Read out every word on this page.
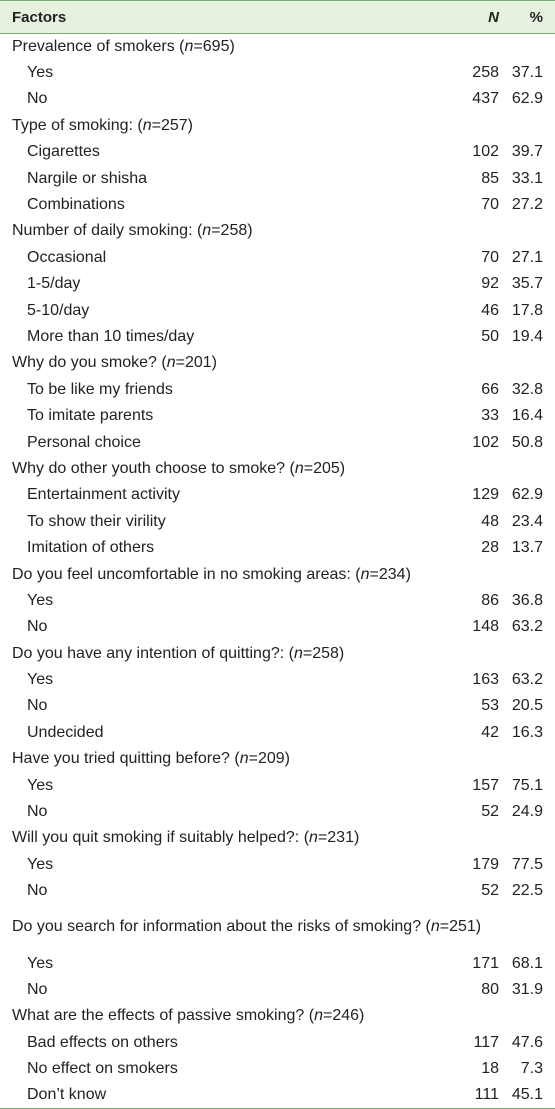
Factors	N	%
Prevalence of smokers (n=695)		
Yes	258	37.1
No	437	62.9
Type of smoking: (n=257)		
Cigarettes	102	39.7
Nargile or shisha	85	33.1
Combinations	70	27.2
Number of daily smoking: (n=258)		
Occasional	70	27.1
1-5/day	92	35.7
5-10/day	46	17.8
More than 10 times/day	50	19.4
Why do you smoke? (n=201)		
To be like my friends	66	32.8
To imitate parents	33	16.4
Personal choice	102	50.8
Why do other youth choose to smoke? (n=205)		
Entertainment activity	129	62.9
To show their virility	48	23.4
Imitation of others	28	13.7
Do you feel uncomfortable in no smoking areas: (n=234)		
Yes	86	36.8
No	148	63.2
Do you have any intention of quitting?: (n=258)		
Yes	163	63.2
No	53	20.5
Undecided	42	16.3
Have you tried quitting before? (n=209)		
Yes	157	75.1
No	52	24.9
Will you quit smoking if suitably helped?: (n=231)		
Yes	179	77.5
No	52	22.5
Do you search for information about the risks of smoking? (n=251)		
Yes	171	68.1
No	80	31.9
What are the effects of passive smoking? (n=246)		
Bad effects on others	117	47.6
No effect on smokers	18	7.3
Don’t know	111	45.1
